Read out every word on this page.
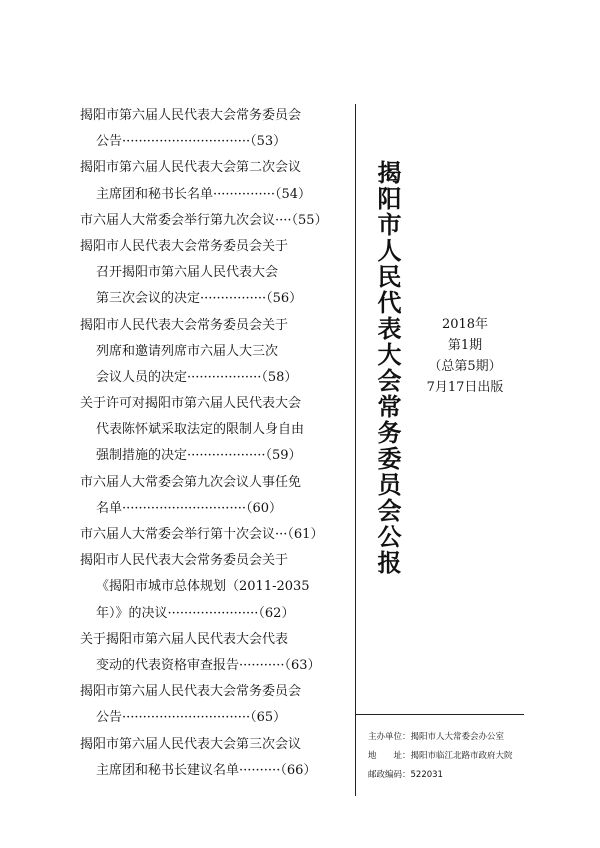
揭阳市第六届人民代表大会常务委员会
公告·······························（53）
揭阳市第六届人民代表大会第二次会议
主席团和秘书长名单···············（54）
市六届人大常委会举行第九次会议····（55）
揭阳市人民代表大会常务委员会关于
召开揭阳市第六届人民代表大会
第三次会议的决定················（56）
揭阳市人民代表大会常务委员会关于
列席和邀请列席市六届人大三次
会议人员的决定··················（58）
关于许可对揭阳市第六届人民代表大会
代表陈怀斌采取法定的限制人身自由
强制措施的决定···················（59）
市六届人大常委会第九次会议人事任免
名单······························（60）
市六届人大常委会举行第十次会议···（61）
揭阳市人民代表大会常务委员会关于
《揭阳市城市总体规划（2011-2035
年）》的决议······················（62）
关于揭阳市第六届人民代表大会代表
变动的代表资格审查报告···········（63）
揭阳市第六届人民代表大会常务委员会
公告·······························（65）
揭阳市第六届人民代表大会第三次会议
主席团和秘书长建议名单··········（66）
揭阳市人民代表大会常务委员会公报	2018年
第1期
（总第5期）
7月17日出版
主办单位：揭阳市人大常委会办公室
地　　址：揭阳市临江北路市政府大院
邮政编码：522031
